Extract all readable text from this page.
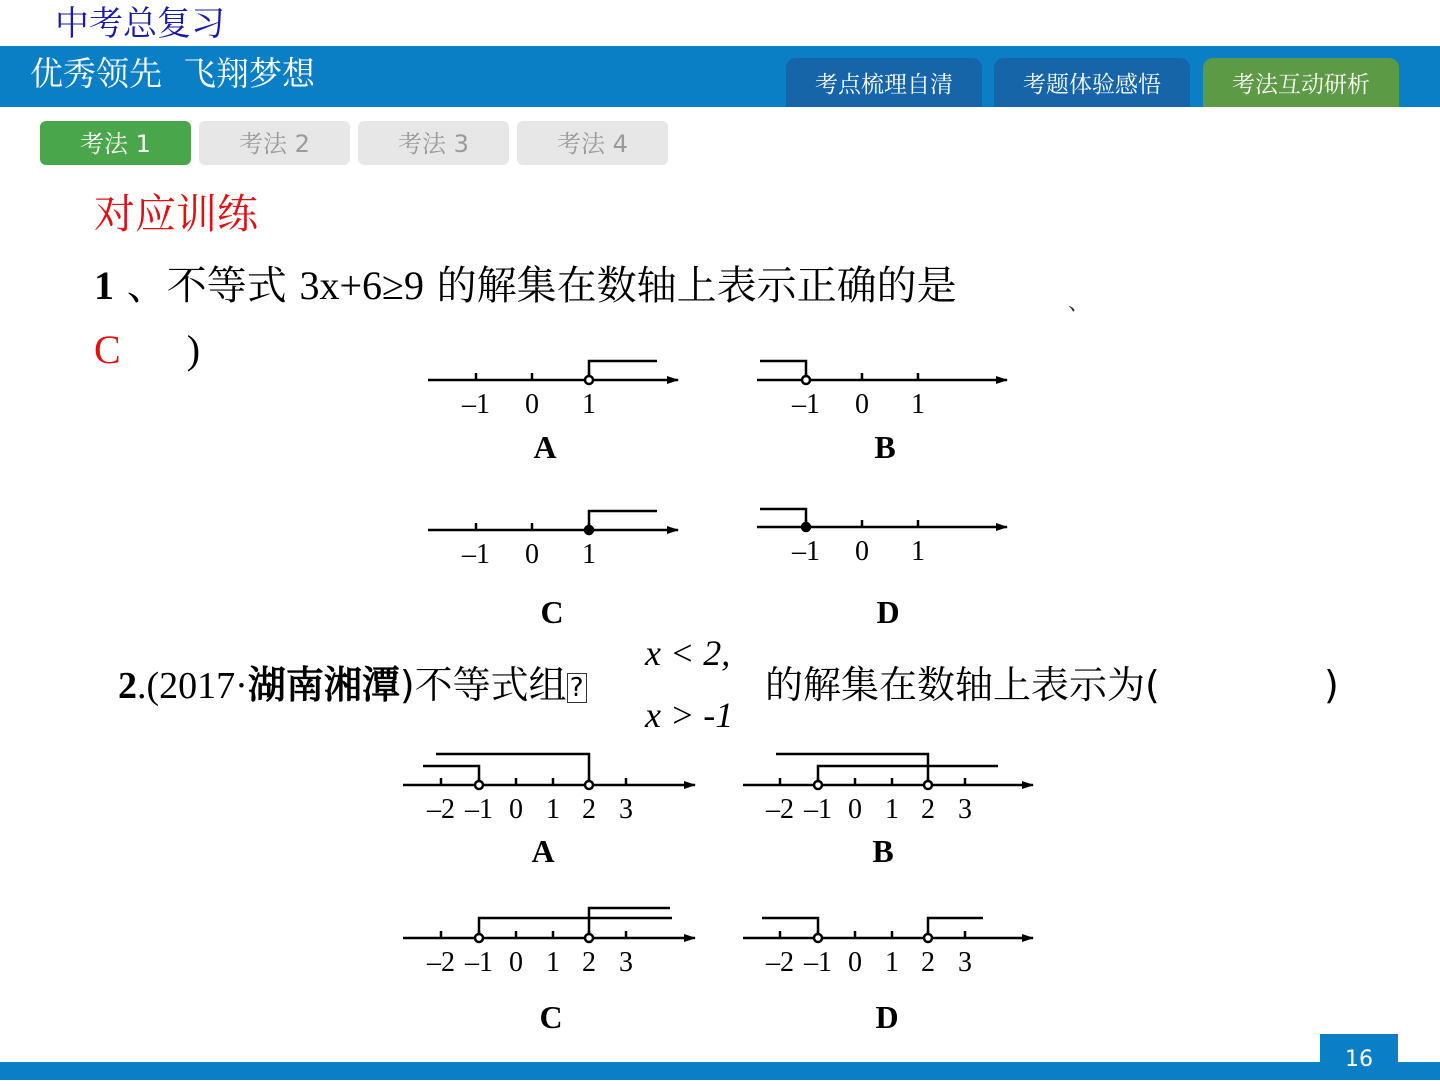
中考总复习
优秀领先  飞翔梦想	考点梳理自清	考题体验感悟	考法互动研析
考法 1	考法 2	考法 3	考法 4
对应训练
1 、不等式 3x+6≥9 的解集在数轴上表示正确的是	、
C )
2.(2017·湖南湘潭)不等式组 ?
x < 2,
x > -1
的解集在数轴上表示为(	)
–1 0 1
A
–1 0 1
B
–1 0 1
C
–1 0 1
D
–2 –1 0 1 2 3
A
–2 –1 0 1 2 3
B
–2 –1 0 1 2 3
C
–2 –1 0 1 2 3
D
16
